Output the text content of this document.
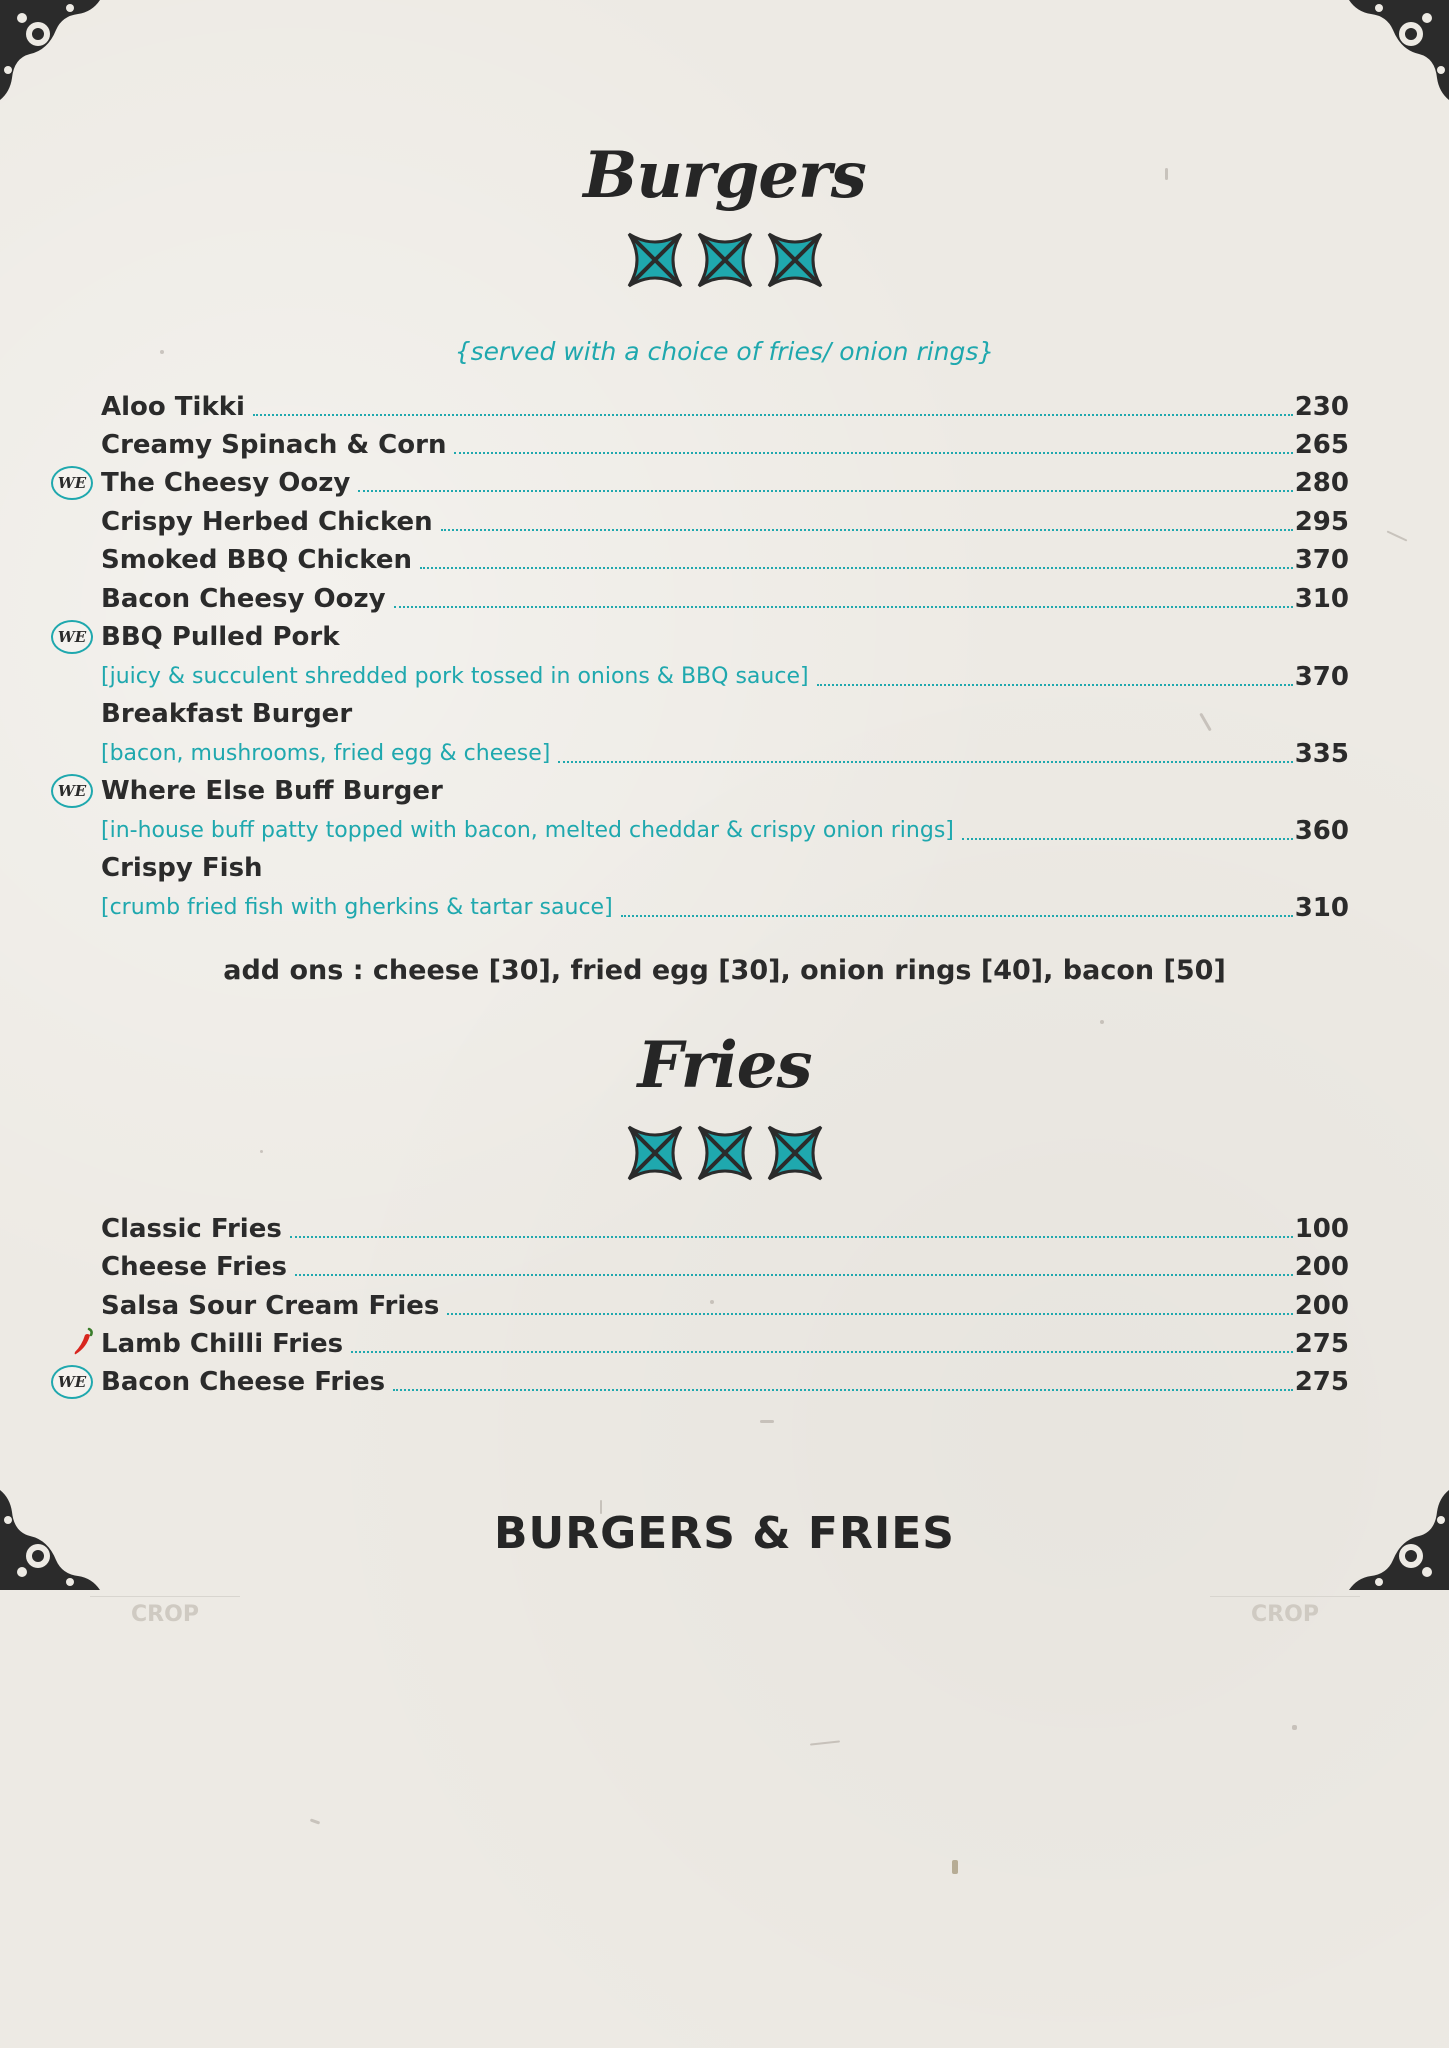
Burgers
{served with a choice of fries/ onion rings}
Aloo Tikki	230
Creamy Spinach & Corn	265
WE The Cheesy Oozy	280
Crispy Herbed Chicken	295
Smoked BBQ Chicken	370
Bacon Cheesy Oozy	310
WE BBQ Pulled Pork
[juicy & succulent shredded pork tossed in onions & BBQ sauce]	370
Breakfast Burger
[bacon, mushrooms, fried egg & cheese]	335
WE Where Else Buff Burger
[in-house buff patty topped with bacon, melted cheddar & crispy onion rings]	360
Crispy Fish
[crumb fried fish with gherkins & tartar sauce]	310
add ons : cheese [30], fried egg [30], onion rings [40], bacon [50]
Fries
Classic Fries	100
Cheese Fries	200
Salsa Sour Cream Fries	200
Lamb Chilli Fries	275
WE Bacon Cheese Fries	275
BURGERS & FRIES
CROP	CROP
